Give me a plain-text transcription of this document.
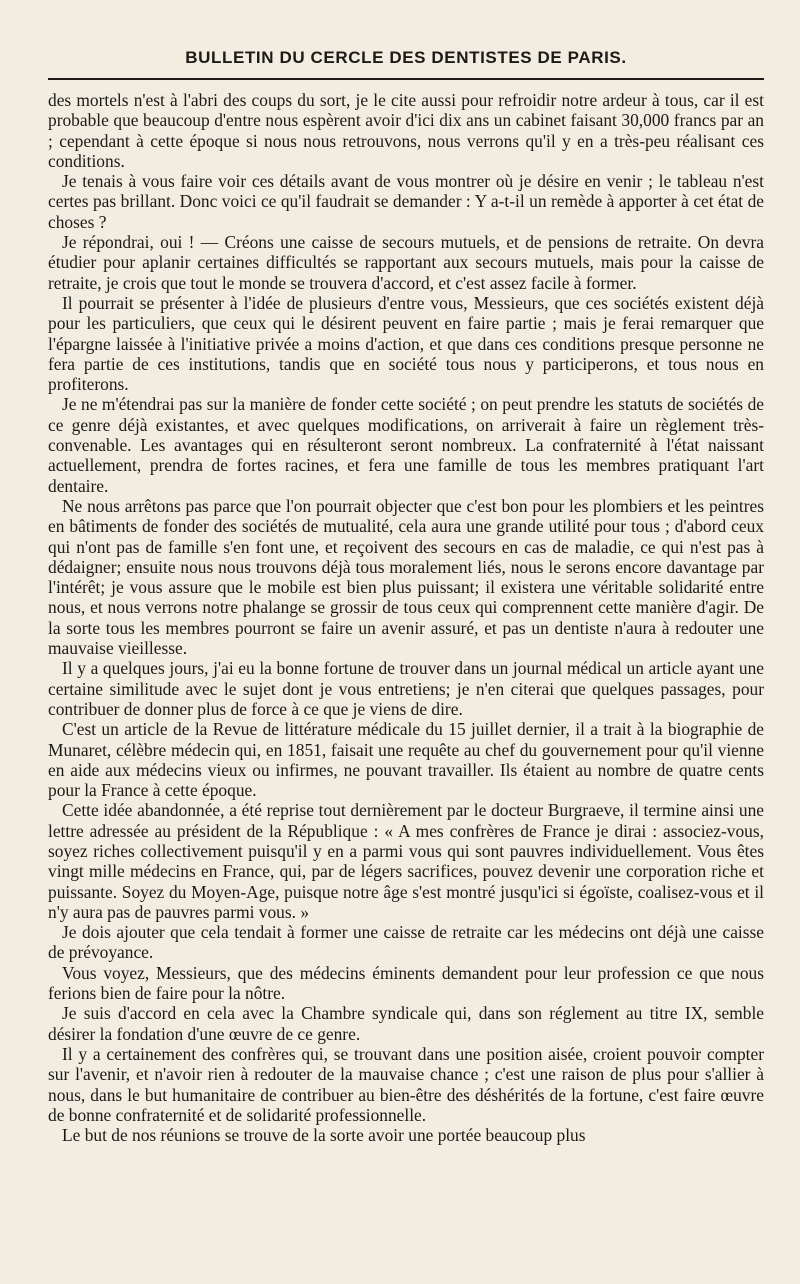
BULLETIN DU CERCLE DES DENTISTES DE PARIS.

des mortels n'est à l'abri des coups du sort, je le cite aussi pour refroidir notre ardeur à tous, car il est probable que beaucoup d'entre nous espèrent avoir d'ici dix ans un cabinet faisant 30,000 francs par an ; cependant à cette époque si nous nous retrouvons, nous verrons qu'il y en a très-peu réalisant ces conditions.

Je tenais à vous faire voir ces détails avant de vous montrer où je désire en venir ; le tableau n'est certes pas brillant. Donc voici ce qu'il faudrait se demander : Y a-t-il un remède à apporter à cet état de choses ?

Je répondrai, oui ! — Créons une caisse de secours mutuels, et de pensions de retraite. On devra étudier pour aplanir certaines difficultés se rapportant aux secours mutuels, mais pour la caisse de retraite, je crois que tout le monde se trouvera d'accord, et c'est assez facile à former.

Il pourrait se présenter à l'idée de plusieurs d'entre vous, Messieurs, que ces sociétés existent déjà pour les particuliers, que ceux qui le désirent peuvent en faire partie ; mais je ferai remarquer que l'épargne laissée à l'initiative privée a moins d'action, et que dans ces conditions presque personne ne fera partie de ces institutions, tandis que en société tous nous y participerons, et tous nous en profiterons.

Je ne m'étendrai pas sur la manière de fonder cette société ; on peut prendre les statuts de sociétés de ce genre déjà existantes, et avec quelques modifications, on arriverait à faire un règlement très-convenable. Les avantages qui en résulteront seront nombreux. La confraternité à l'état naissant actuellement, prendra de fortes racines, et fera une famille de tous les membres pratiquant l'art dentaire.

Ne nous arrêtons pas parce que l'on pourrait objecter que c'est bon pour les plombiers et les peintres en bâtiments de fonder des sociétés de mutualité, cela aura une grande utilité pour tous ; d'abord ceux qui n'ont pas de famille s'en font une, et reçoivent des secours en cas de maladie, ce qui n'est pas à dédaigner; ensuite nous nous trouvons déjà tous moralement liés, nous le serons encore davantage par l'intérêt; je vous assure que le mobile est bien plus puissant; il existera une véritable solidarité entre nous, et nous verrons notre phalange se grossir de tous ceux qui comprennent cette manière d'agir. De la sorte tous les membres pourront se faire un avenir assuré, et pas un dentiste n'aura à redouter une mauvaise vieillesse.

Il y a quelques jours, j'ai eu la bonne fortune de trouver dans un journal médical un article ayant une certaine similitude avec le sujet dont je vous entretiens; je n'en citerai que quelques passages, pour contribuer de donner plus de force à ce que je viens de dire.

C'est un article de la Revue de littérature médicale du 15 juillet dernier, il a trait à la biographie de Munaret, célèbre médecin qui, en 1851, faisait une requête au chef du gouvernement pour qu'il vienne en aide aux médecins vieux ou infirmes, ne pouvant travailler. Ils étaient au nombre de quatre cents pour la France à cette époque.

Cette idée abandonnée, a été reprise tout dernièrement par le docteur Burgraeve, il termine ainsi une lettre adressée au président de la République : « A mes confrères de France je dirai : associez-vous, soyez riches collectivement puisqu'il y en a parmi vous qui sont pauvres individuellement. Vous êtes vingt mille médecins en France, qui, par de légers sacrifices, pouvez devenir une corporation riche et puissante. Soyez du Moyen-Age, puisque notre âge s'est montré jusqu'ici si égoïste, coalisez-vous et il n'y aura pas de pauvres parmi vous. »

Je dois ajouter que cela tendait à former une caisse de retraite car les médecins ont déjà une caisse de prévoyance.

Vous voyez, Messieurs, que des médecins éminents demandent pour leur profession ce que nous ferions bien de faire pour la nôtre.

Je suis d'accord en cela avec la Chambre syndicale qui, dans son réglement au titre IX, semble désirer la fondation d'une œuvre de ce genre.

Il y a certainement des confrères qui, se trouvant dans une position aisée, croient pouvoir compter sur l'avenir, et n'avoir rien à redouter de la mauvaise chance ; c'est une raison de plus pour s'allier à nous, dans le but humanitaire de contribuer au bien-être des déshérités de la fortune, c'est faire œuvre de bonne confraternité et de solidarité professionnelle.

Le but de nos réunions se trouve de la sorte avoir une portée beaucoup plus
